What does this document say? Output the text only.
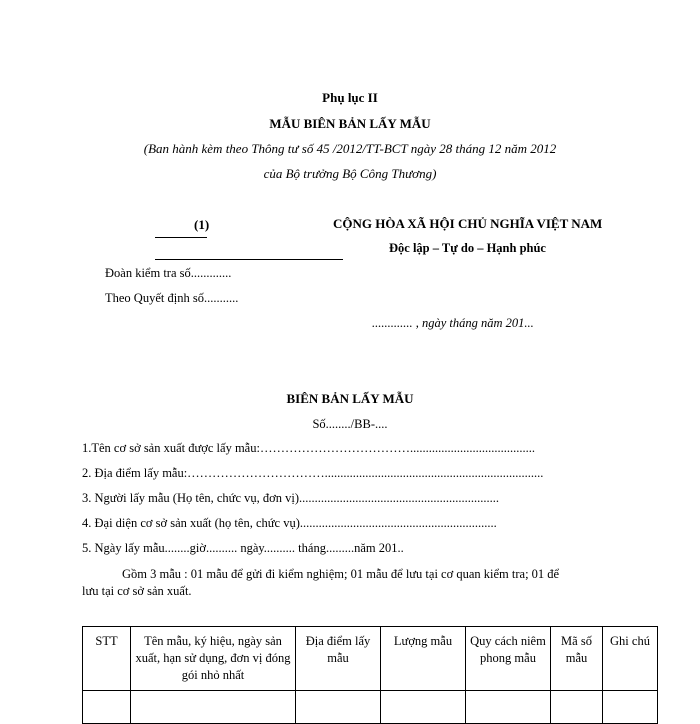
Phụ lục II
MẪU BIÊN BẢN LẤY MẪU
(Ban hành kèm theo Thông tư số 45 /2012/TT-BCT ngày 28 tháng 12 năm 2012
của Bộ trưởng Bộ Công Thương)
(1)
Đoàn kiểm tra số.............
Theo Quyết định số...........
CỘNG HÒA XÃ HỘI CHỦ NGHĨA VIỆT NAM
Độc lập – Tự do – Hạnh phúc
............. , ngày tháng năm 201...
BIÊN BẢN LẤY MẪU
Số......../BB-....
1.Tên cơ sở sản xuất được lấy mẫu:………………………………........................................
2. Địa điểm lấy mẫu:……………………………......................................................................
3. Người lấy mẫu (Họ tên, chức vụ, đơn vị)................................................................
4. Đại diện cơ sở sản xuất (họ tên, chức vụ)...............................................................
5. Ngày lấy mẫu........giờ.......... ngày.......... tháng.........năm 201..
Gồm 3 mẫu : 01 mẫu để gửi đi kiểm nghiệm; 01 mẫu để lưu tại cơ quan kiểm tra; 01 để
lưu tại cơ sở sản xuất.
STT	Tên mẫu, ký hiệu, ngày sản xuất, hạn sử dụng, đơn vị đóng gói nhỏ nhất	Địa điểm lấy mẫu	Lượng mẫu	Quy cách niêm phong mẫu	Mã số mẫu	Ghi chú
